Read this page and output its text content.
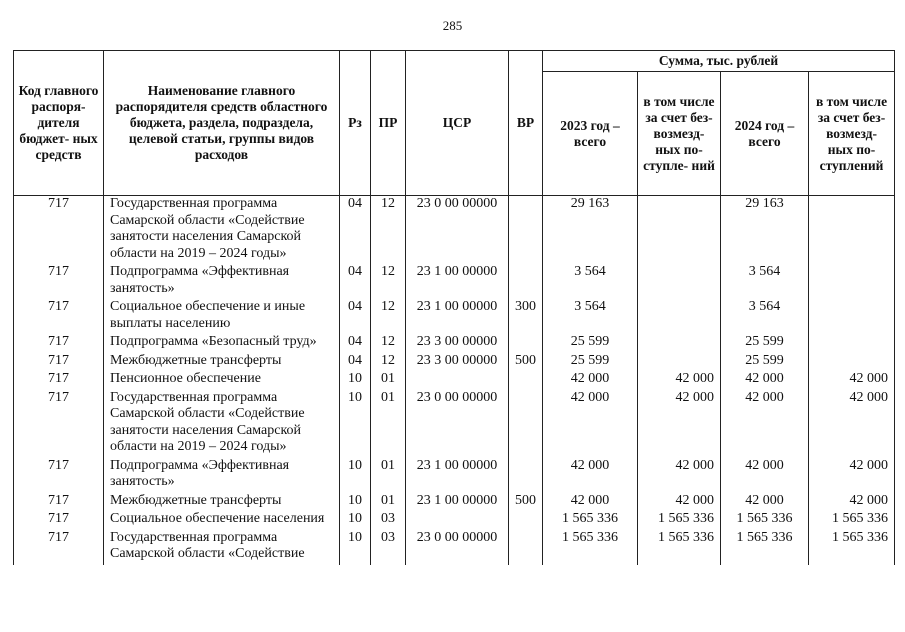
285
Код главного распоря- дителя бюджет- ных средств	Наименование главного распорядителя средств областного бюджета, раздела, подраздела, целевой статьи, группы видов расходов	Рз	ПР	ЦСР	ВР	Сумма, тыс. рублей			
						2023 год – всего	в том числе за счет без- возмезд- ных по- ступле- ний	2024 год – всего	в том числе за счет без- возмезд- ных по- ступлений
717	Государственная программа Самарской области «Содействие занятости населения Самарской области на 2019 – 2024 годы»	04	12	23 0 00 00000		29 163		29 163	
717	Подпрограмма «Эффективная занятость»	04	12	23 1 00 00000		3 564		3 564	
717	Социальное обеспечение и иные выплаты населению	04	12	23 1 00 00000	300	3 564		3 564	
717	Подпрограмма «Безопасный труд»	04	12	23 3 00 00000		25 599		25 599	
717	Межбюджетные трансферты	04	12	23 3 00 00000	500	25 599		25 599	
717	Пенсионное обеспечение	10	01			42 000	42 000	42 000	42 000
717	Государственная программа Самарской области «Содействие занятости населения Самарской области на 2019 – 2024 годы»	10	01	23 0 00 00000		42 000	42 000	42 000	42 000
717	Подпрограмма «Эффективная занятость»	10	01	23 1 00 00000		42 000	42 000	42 000	42 000
717	Межбюджетные трансферты	10	01	23 1 00 00000	500	42 000	42 000	42 000	42 000
717	Социальное обеспечение населения	10	03			1 565 336	1 565 336	1 565 336	1 565 336
717	Государственная программа Самарской области «Содействие	10	03	23 0 00 00000		1 565 336	1 565 336	1 565 336	1 565 336
